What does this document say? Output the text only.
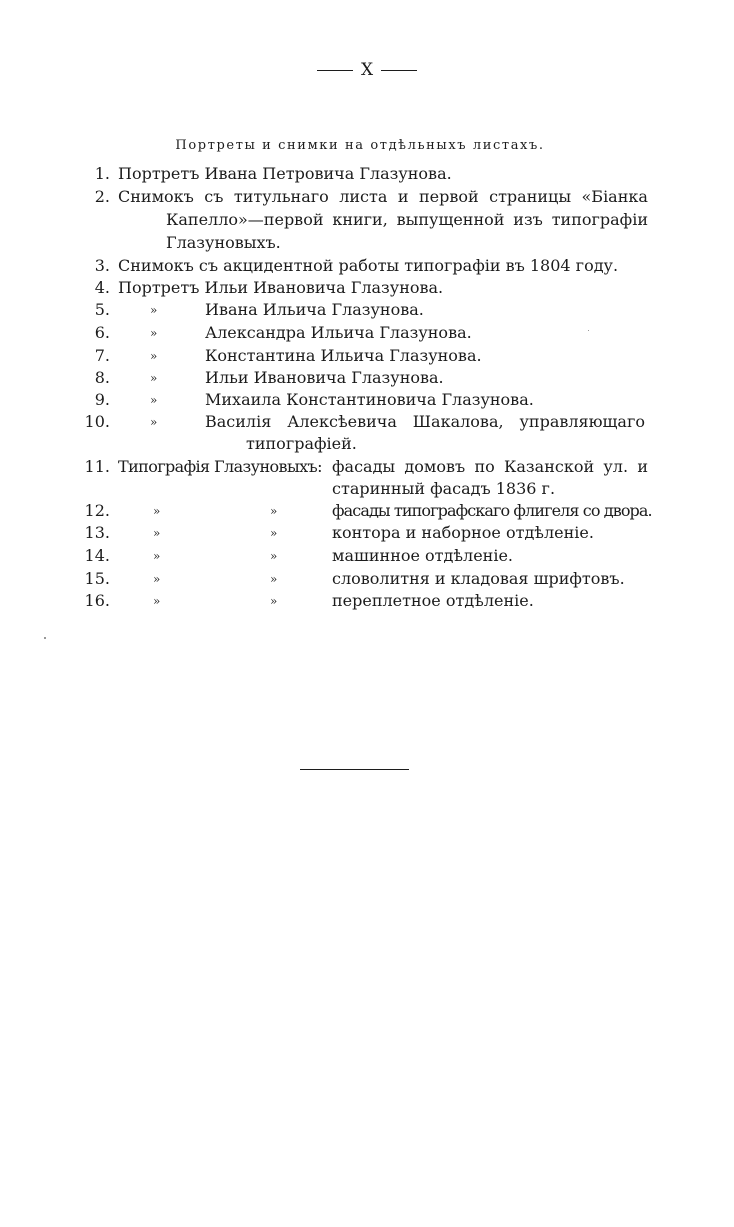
X
Портреты и снимки на отдѣльныхъ листахъ.
1. Портретъ Ивана Петровича Глазунова.
2. Снимокъ съ титульнаго листа и первой страницы «Біанка
Капелло»—первой книги, выпущенной изъ типографіи
Глазуновыхъ.
3. Снимокъ съ акцидентной работы типографіи въ 1804 году.
4. Портретъ Ильи Ивановича Глазунова.
5.	»	Ивана Ильича Глазунова.
6.	»	Александра Ильича Глазунова.
7.	»	Константина Ильича Глазунова.
8.	»	Ильи Ивановича Глазунова.
9.	»	Михаила Константиновича Глазунова.
10.	»	Василія Алексѣевича Шакалова, управляющаго
типографіей.
11. Типографія Глазуновыхъ: фасады домовъ по Казанской ул. и
старинный фасадъ 1836 г.
12.	»	»	фасады типографскаго флигеля со двора.
13.	»	»	контора и наборное отдѣленіе.
14.	»	»	машинное отдѣленіе.
15.	»	»	словолитня и кладовая шрифтовъ.
16.	»	»	переплетное отдѣленіе.
